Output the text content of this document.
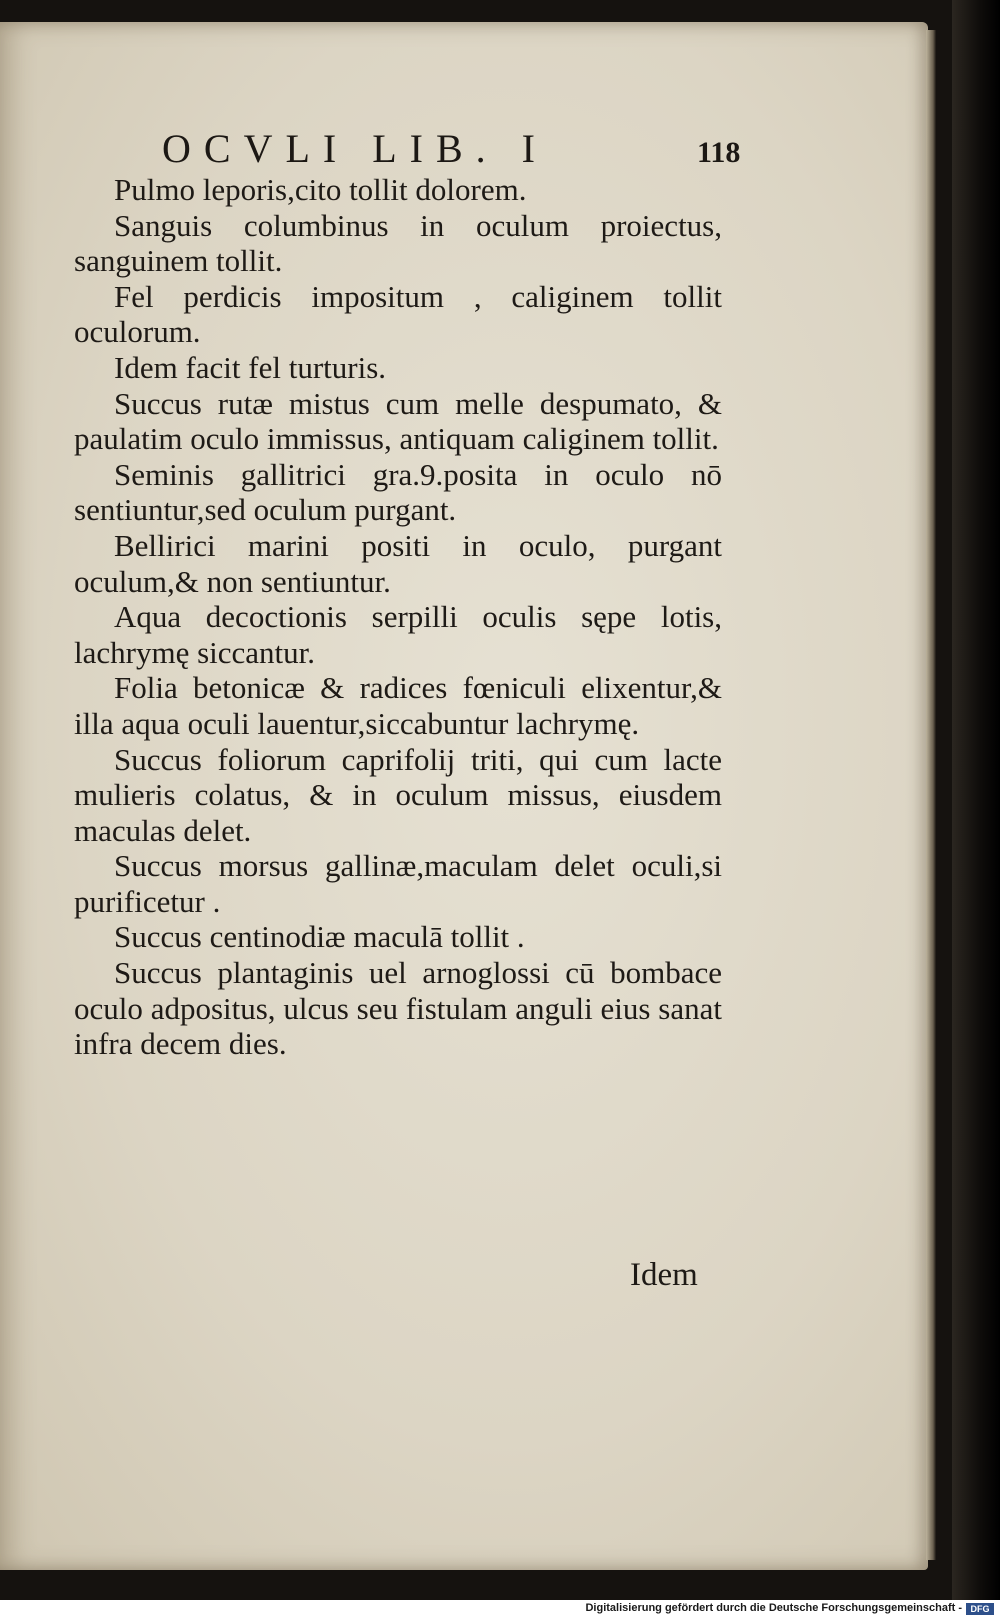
OCVLI LIB. I	118

Pulmo leporis,cito tollit dolorem.

Sanguis columbinus in oculum proiectus, sanguinem tollit.

Fel perdicis impositum , caliginem tollit oculorum.

Idem facit fel turturis.

Succus rutæ mistus cum melle despumato, & paulatim oculo immissus, antiquam caliginem tollit.

Seminis gallitrici gra.9.posita in oculo nō sentiuntur,sed oculum purgant.

Bellirici marini positi in oculo, purgant oculum,& non sentiuntur.

Aqua decoctionis serpilli oculis sępe lotis, lachrymę siccantur.

Folia betonicæ & radices fœniculi elixentur,& illa aqua oculi lauentur,siccabuntur lachrymę.

Succus foliorum caprifolij triti, qui cum lacte mulieris colatus, & in oculum missus, eiusdem maculas delet.

Succus morsus gallinæ,maculam delet oculi,si purificetur .

Succus centinodiæ maculā tollit .

Succus plantaginis uel arnoglossi cū bombace oculo adpositus, ulcus seu fistulam anguli eius sanat infra decem dies.

Idem
Digitalisierung gefördert durch die Deutsche Forschungsgemeinschaft - DFG
